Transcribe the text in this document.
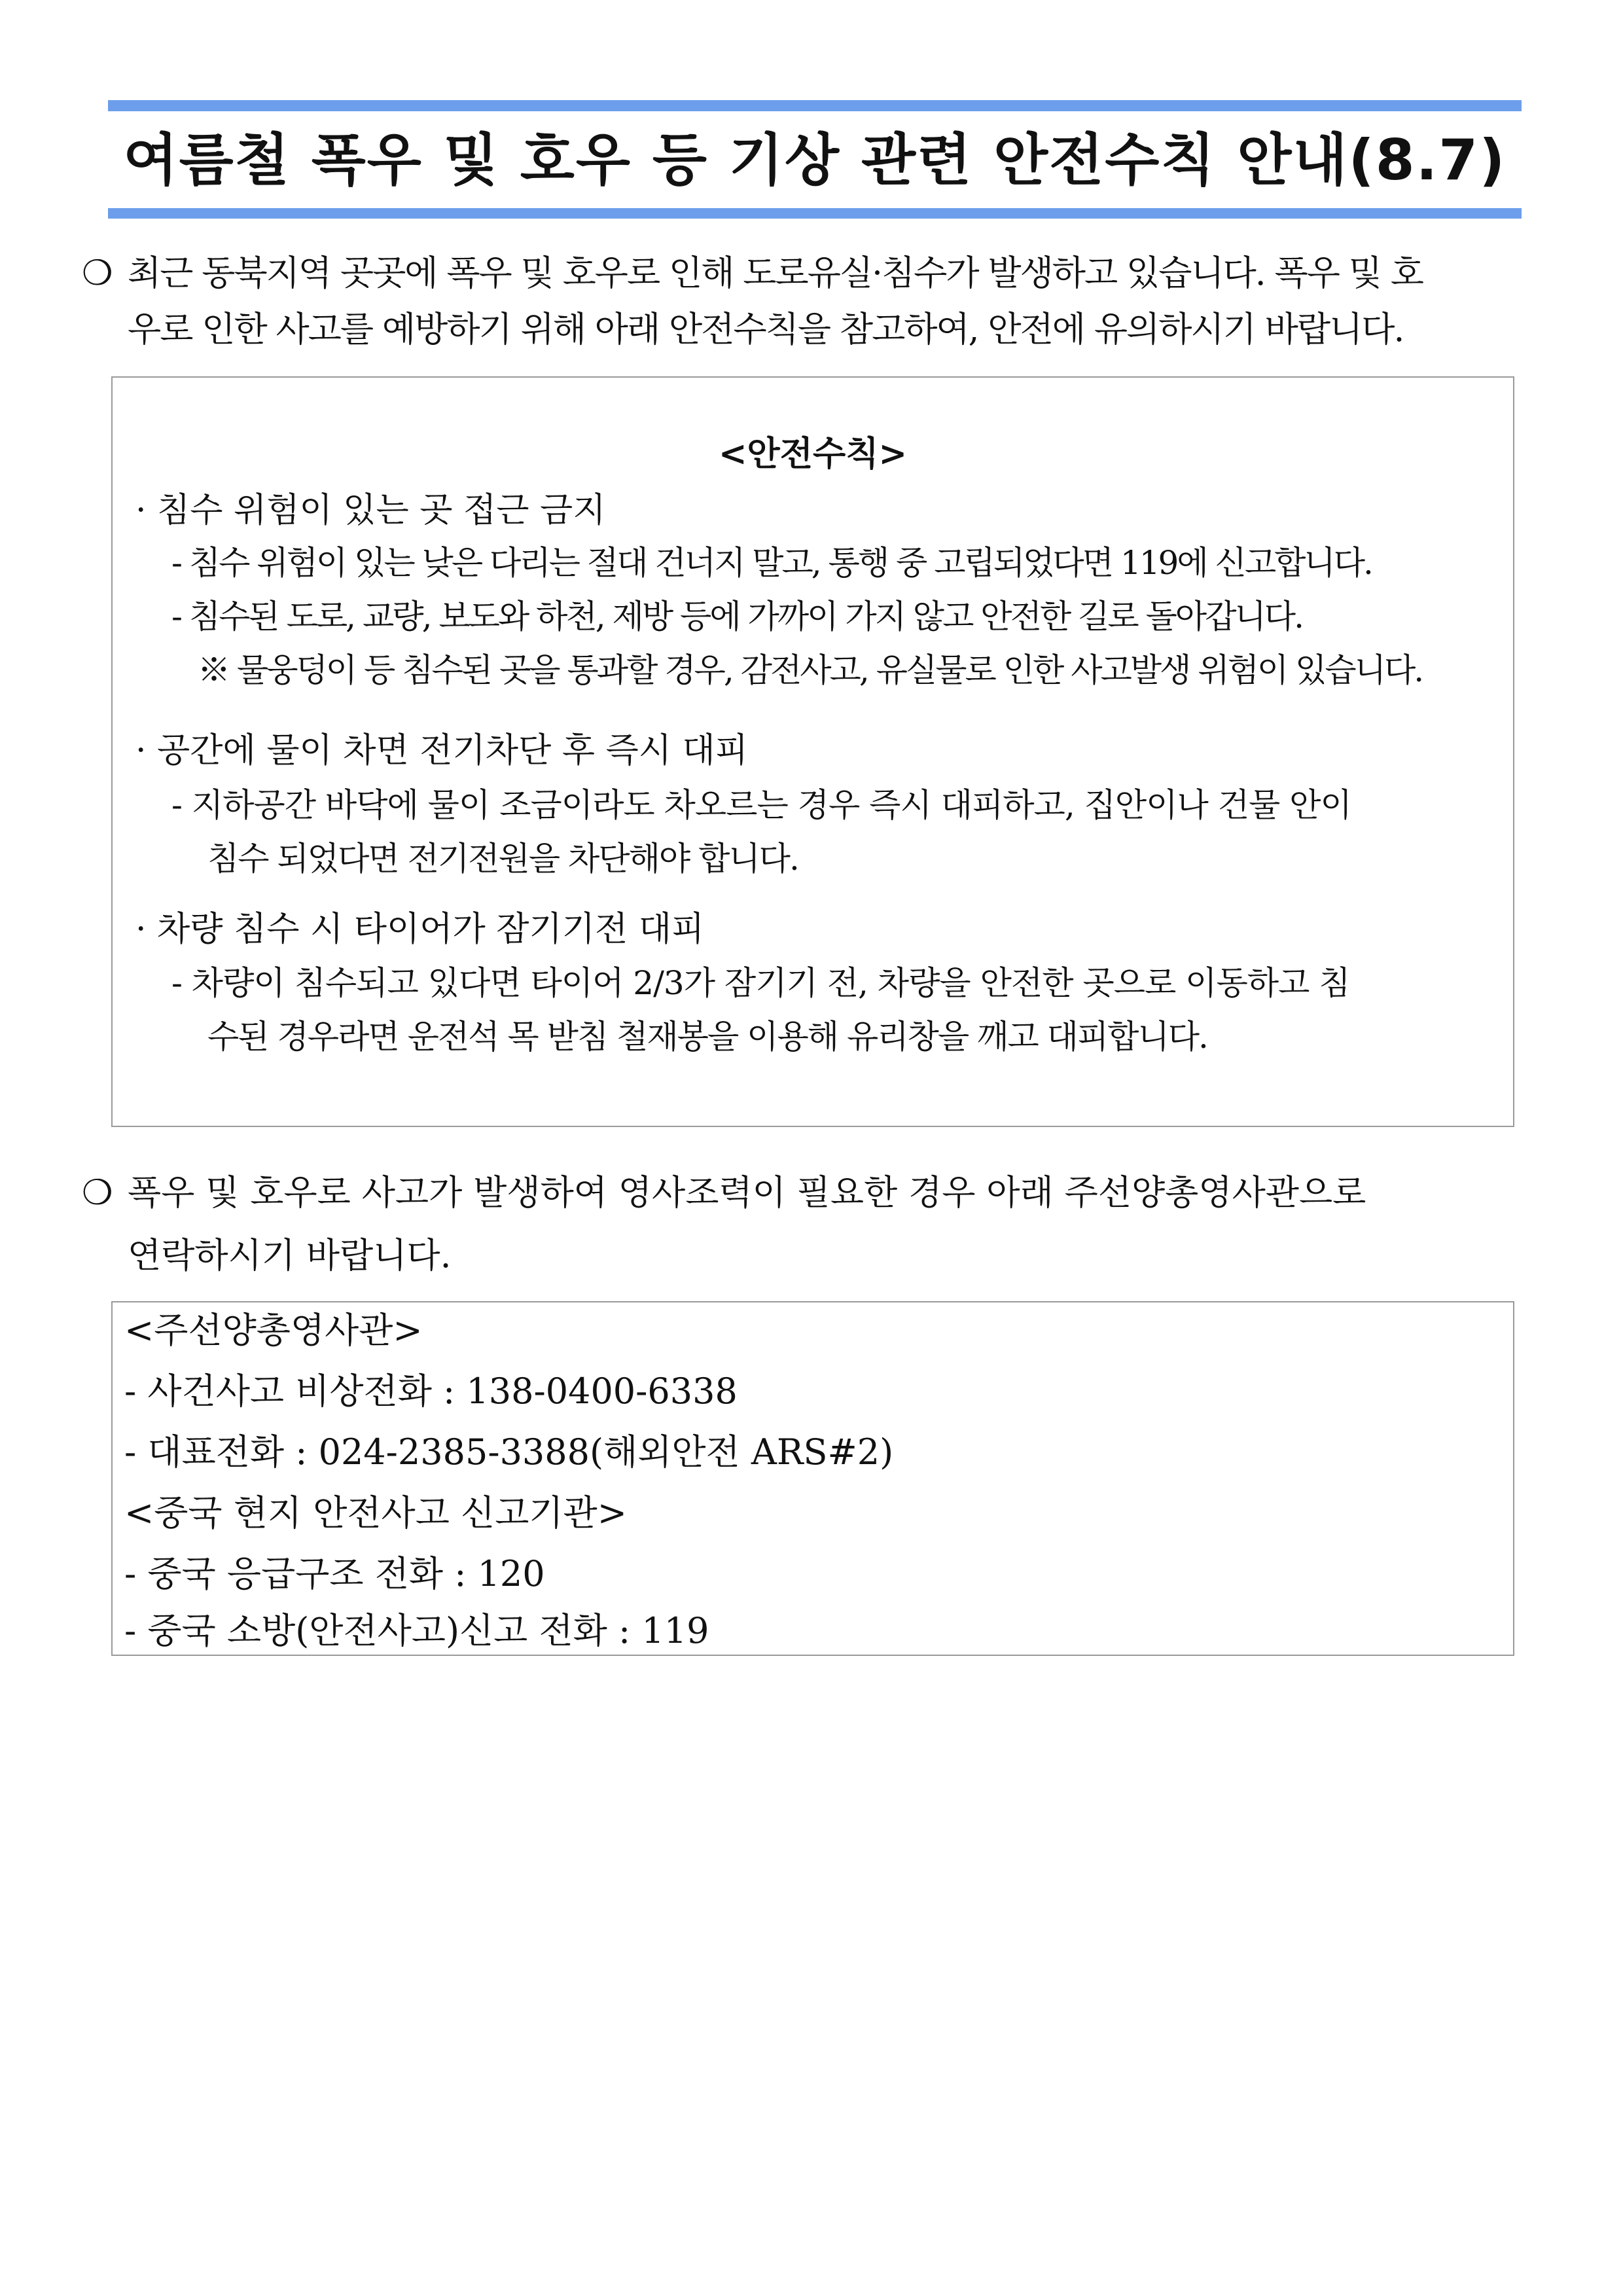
여름철 폭우 및 호우 등 기상 관련 안전수칙 안내(8.7)
❍ 최근 동북지역 곳곳에 폭우 및 호우로 인해 도로유실·침수가 발생하고 있습니다. 폭우 및 호
우로 인한 사고를 예방하기 위해 아래 안전수칙을 참고하여, 안전에 유의하시기 바랍니다.
<안전수칙>
· 침수 위험이 있는 곳 접근 금지
- 침수 위험이 있는 낮은 다리는 절대 건너지 말고, 통행 중 고립되었다면 119에 신고합니다.
- 침수된 도로, 교량, 보도와 하천, 제방 등에 가까이 가지 않고 안전한 길로 돌아갑니다.
※ 물웅덩이 등 침수된 곳을 통과할 경우, 감전사고, 유실물로 인한 사고발생 위험이 있습니다.
· 공간에 물이 차면 전기차단 후 즉시 대피
- 지하공간 바닥에 물이 조금이라도 차오르는 경우 즉시 대피하고, 집안이나 건물 안이
침수 되었다면 전기전원을 차단해야 합니다.
· 차량 침수 시 타이어가 잠기기전 대피
- 차량이 침수되고 있다면 타이어 2/3가 잠기기 전, 차량을 안전한 곳으로 이동하고 침
수된 경우라면 운전석 목 받침 철재봉을 이용해 유리창을 깨고 대피합니다.
❍ 폭우 및 호우로 사고가 발생하여 영사조력이 필요한 경우 아래 주선양총영사관으로
연락하시기 바랍니다.
<주선양총영사관>
- 사건사고 비상전화 : 138-0400-6338
- 대표전화 : 024-2385-3388(해외안전 ARS#2)
<중국 현지 안전사고 신고기관>
- 중국 응급구조 전화 : 120
- 중국 소방(안전사고)신고 전화 : 119
